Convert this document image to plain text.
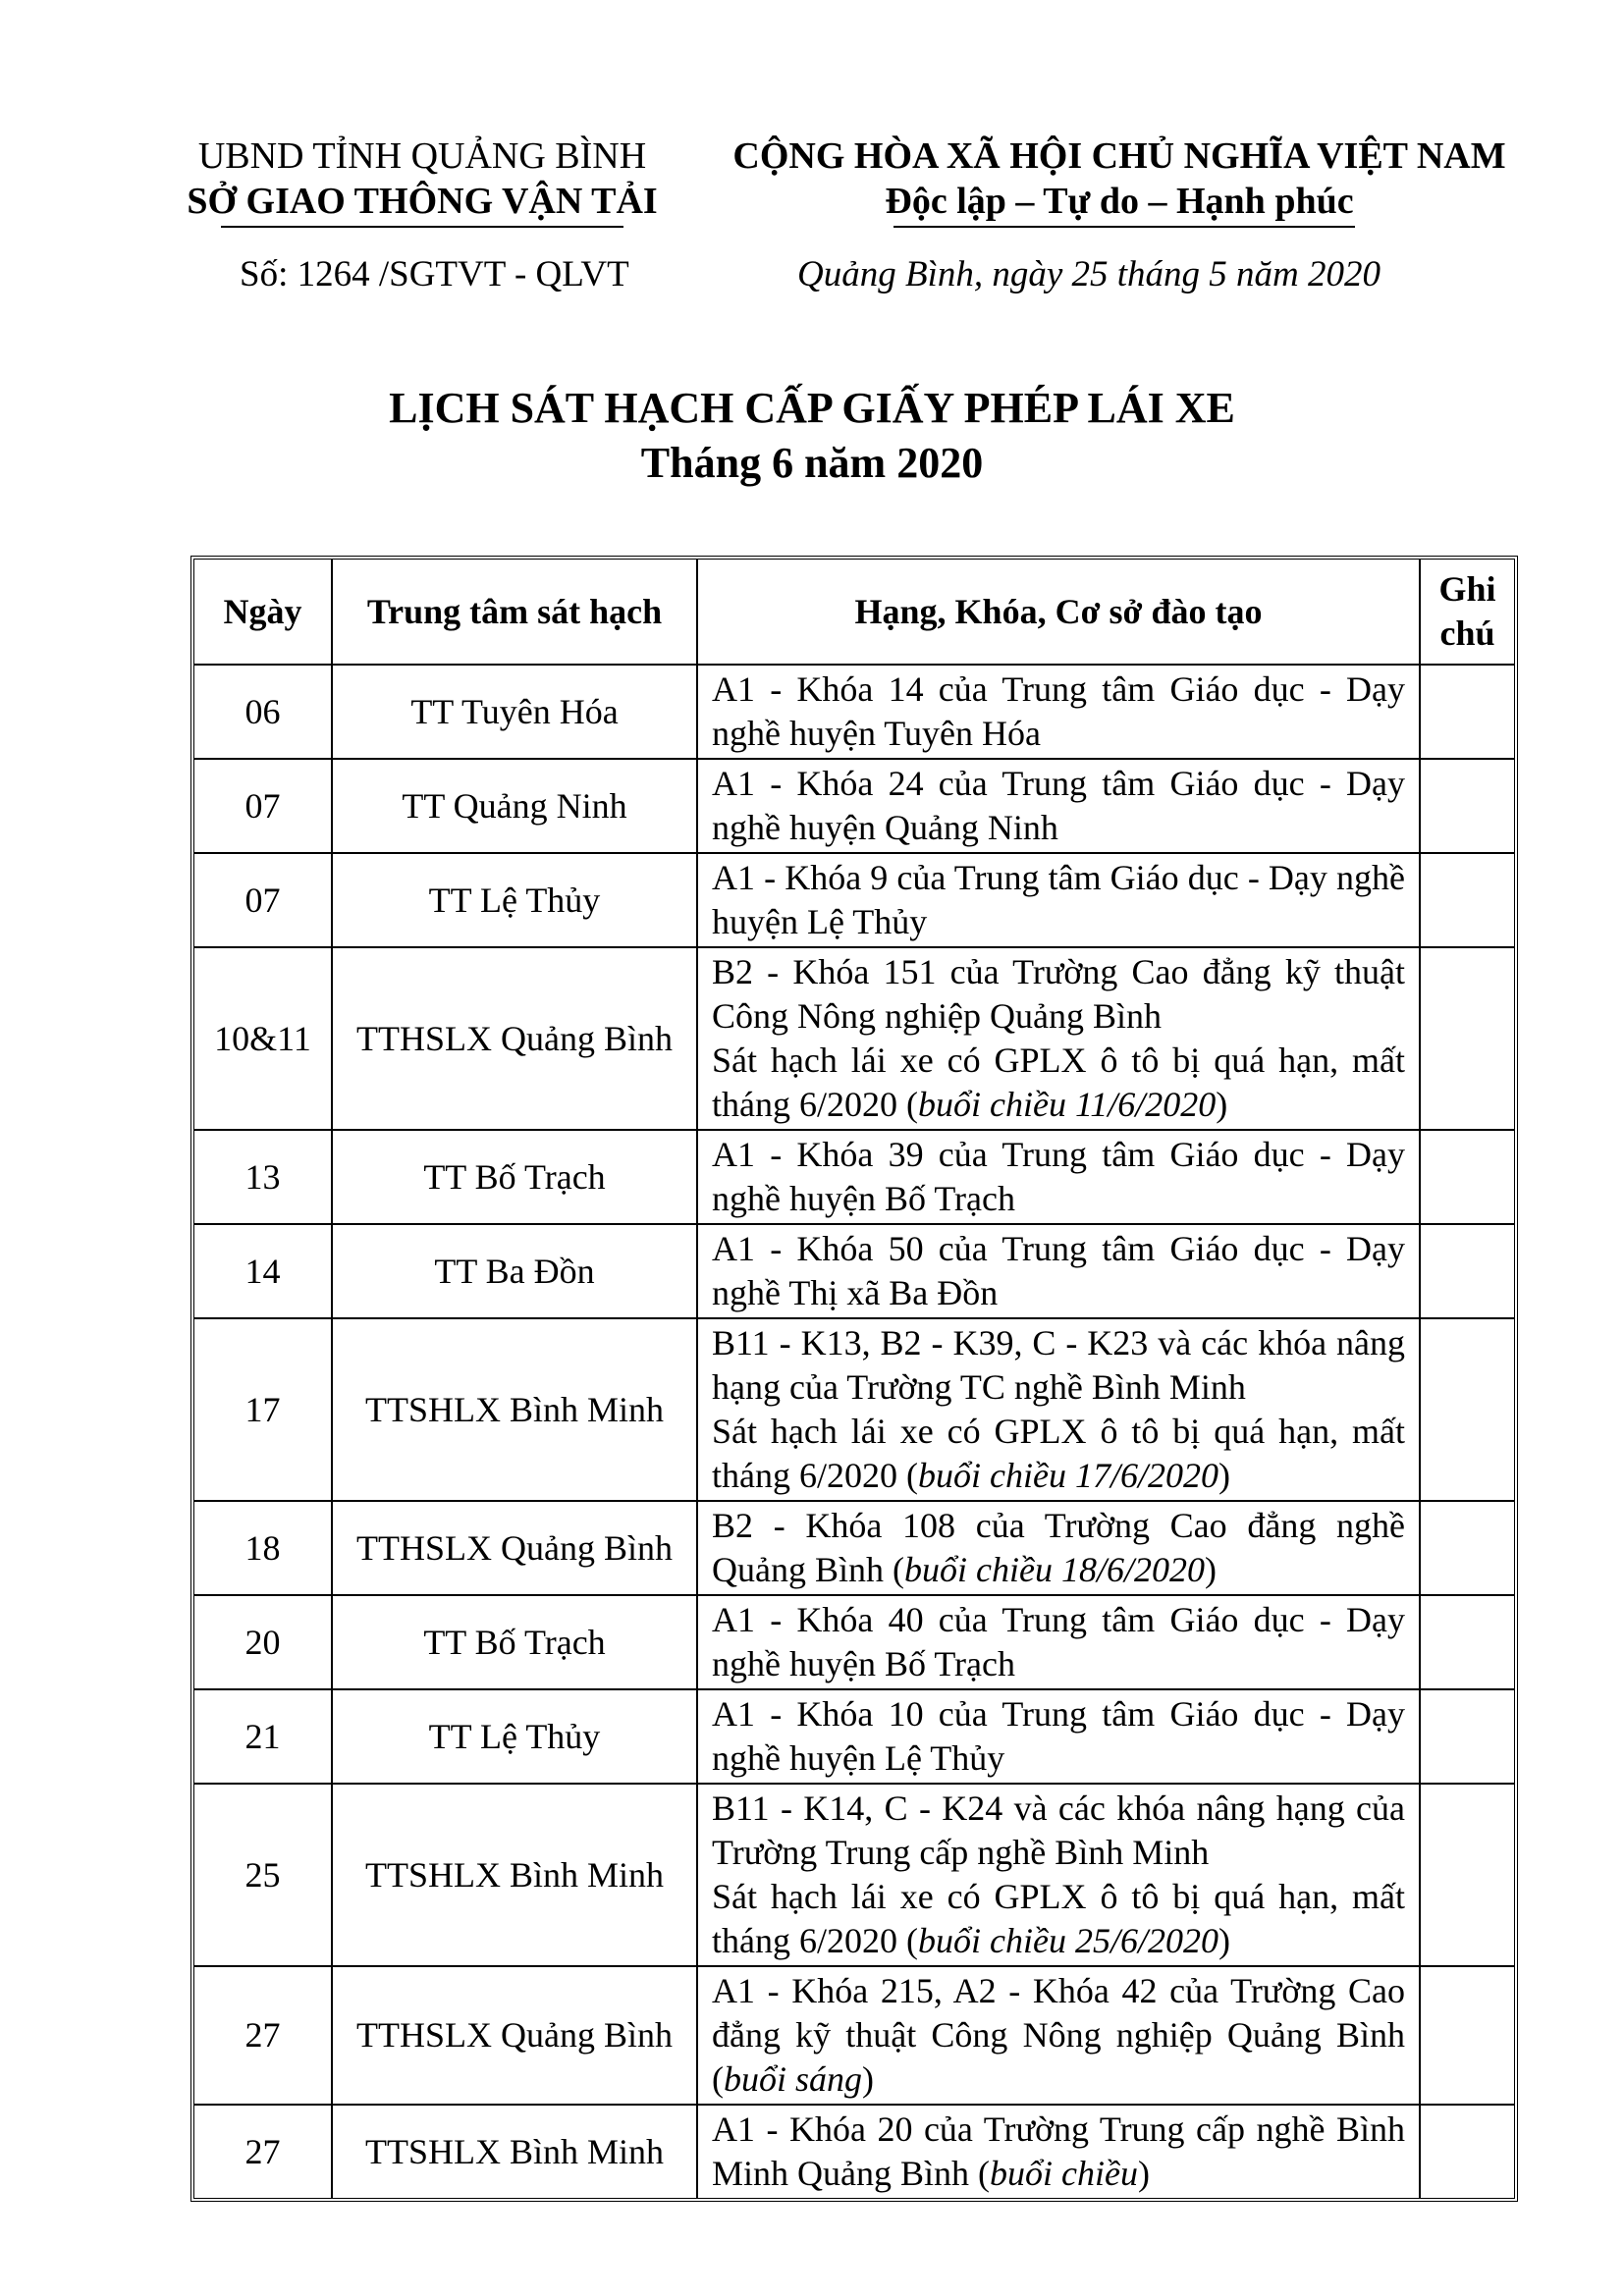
UBND TỈNH QUẢNG BÌNH
SỞ GIAO THÔNG VẬN TẢI
CỘNG HÒA XÃ HỘI CHỦ NGHĨA VIỆT NAM
Độc lập – Tự do – Hạnh phúc
Số: 1264 /SGTVT - QLVT	Quảng Bình, ngày 25 tháng 5 năm 2020
LỊCH SÁT HẠCH CẤP GIẤY PHÉP LÁI XE
Tháng 6 năm 2020
Ngày	Trung tâm sát hạch	Hạng, Khóa, Cơ sở đào tạo	Ghi chú
06	TT Tuyên Hóa	A1 - Khóa 14 của Trung tâm Giáo dục - Dạy nghề huyện Tuyên Hóa	

07	TT Quảng Ninh	A1 - Khóa 24 của Trung tâm Giáo dục - Dạy nghề huyện Quảng Ninh	

07	TT Lệ Thủy	A1 - Khóa 9 của Trung tâm Giáo dục - Dạy nghề huyện Lệ Thủy	

10&11	TTHSLX Quảng Bình	B2 - Khóa 151 của Trường Cao đẳng kỹ thuật Công Nông nghiệp Quảng Bình
Sát hạch lái xe có GPLX ô tô bị quá hạn, mất tháng 6/2020 (buổi chiều 11/6/2020)	

13	TT Bố Trạch	A1 - Khóa 39 của Trung tâm Giáo dục - Dạy nghề huyện Bố Trạch	

14	TT Ba Đồn	A1 - Khóa 50 của Trung tâm Giáo dục - Dạy nghề Thị xã Ba Đồn	

17	TTSHLX Bình Minh	B11 - K13, B2 - K39, C - K23 và các khóa nâng hạng của Trường TC nghề Bình Minh
Sát hạch lái xe có GPLX ô tô bị quá hạn, mất tháng 6/2020 (buổi chiều 17/6/2020)	

18	TTHSLX Quảng Bình	B2 - Khóa 108 của Trường Cao đẳng nghề Quảng Bình (buổi chiều 18/6/2020)	

20	TT Bố Trạch	A1 - Khóa 40 của Trung tâm Giáo dục - Dạy nghề huyện Bố Trạch	

21	TT Lệ Thủy	A1 - Khóa 10 của Trung tâm Giáo dục - Dạy nghề huyện Lệ Thủy	

25	TTSHLX Bình Minh	B11 - K14, C - K24 và các khóa nâng hạng của Trường Trung cấp nghề Bình Minh
Sát hạch lái xe có GPLX ô tô bị quá hạn, mất tháng 6/2020 (buổi chiều 25/6/2020)	

27	TTHSLX Quảng Bình	A1 - Khóa 215, A2 - Khóa 42 của Trường Cao đẳng kỹ thuật Công Nông nghiệp Quảng Bình (buổi sáng)	

27	TTSHLX Bình Minh	A1 - Khóa 20 của Trường Trung cấp nghề Bình Minh Quảng Bình (buổi chiều)	
